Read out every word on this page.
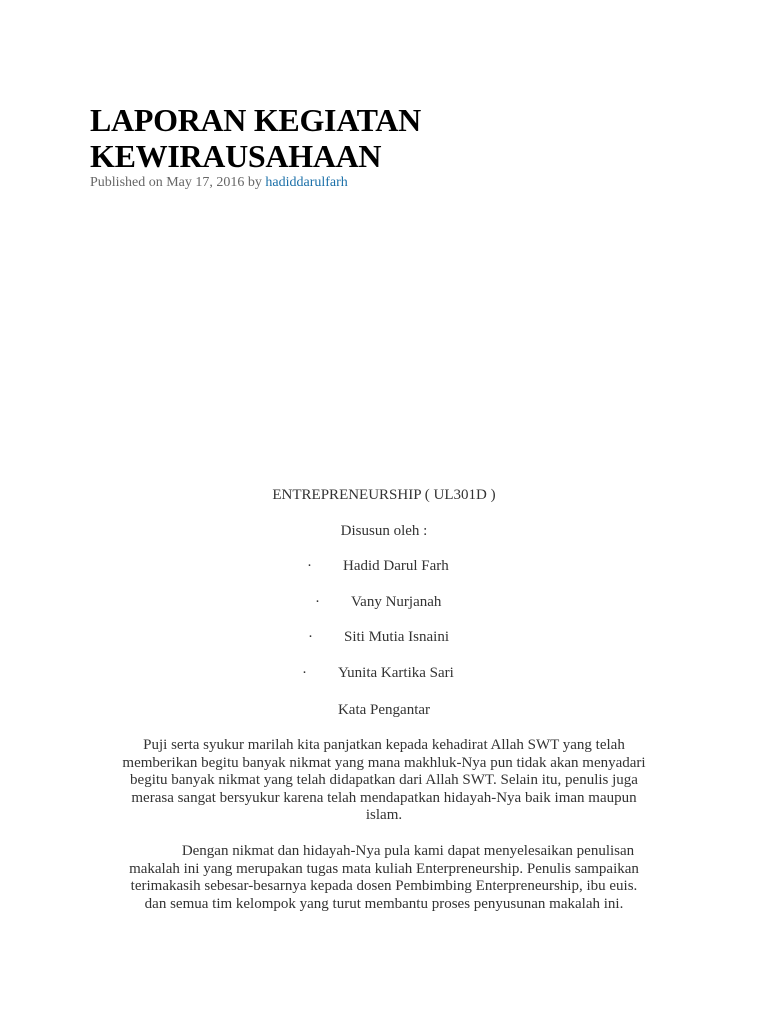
LAPORAN KEGIATAN
KEWIRAUSAHAAN
Published on May 17, 2016 by hadiddarulfarh
ENTREPRENEURSHIP ( UL301D )
Disusun oleh :
· Hadid Darul Farh
· Vany Nurjanah
· Siti Mutia Isnaini
· Yunita Kartika Sari
Kata Pengantar
Puji serta syukur marilah kita panjatkan kepada kehadirat Allah SWT yang telah
memberikan begitu banyak nikmat yang mana makhluk-Nya pun tidak akan menyadari
begitu banyak nikmat yang telah didapatkan dari Allah SWT. Selain itu, penulis juga
merasa sangat bersyukur karena telah mendapatkan hidayah-Nya baik iman maupun
islam.
Dengan nikmat dan hidayah-Nya pula kami dapat menyelesaikan penulisan
makalah ini yang merupakan tugas mata kuliah Enterpreneurship. Penulis sampaikan
terimakasih sebesar-besarnya kepada dosen Pembimbing Enterpreneurship, ibu euis.
dan semua tim kelompok yang turut membantu proses penyusunan makalah ini.
